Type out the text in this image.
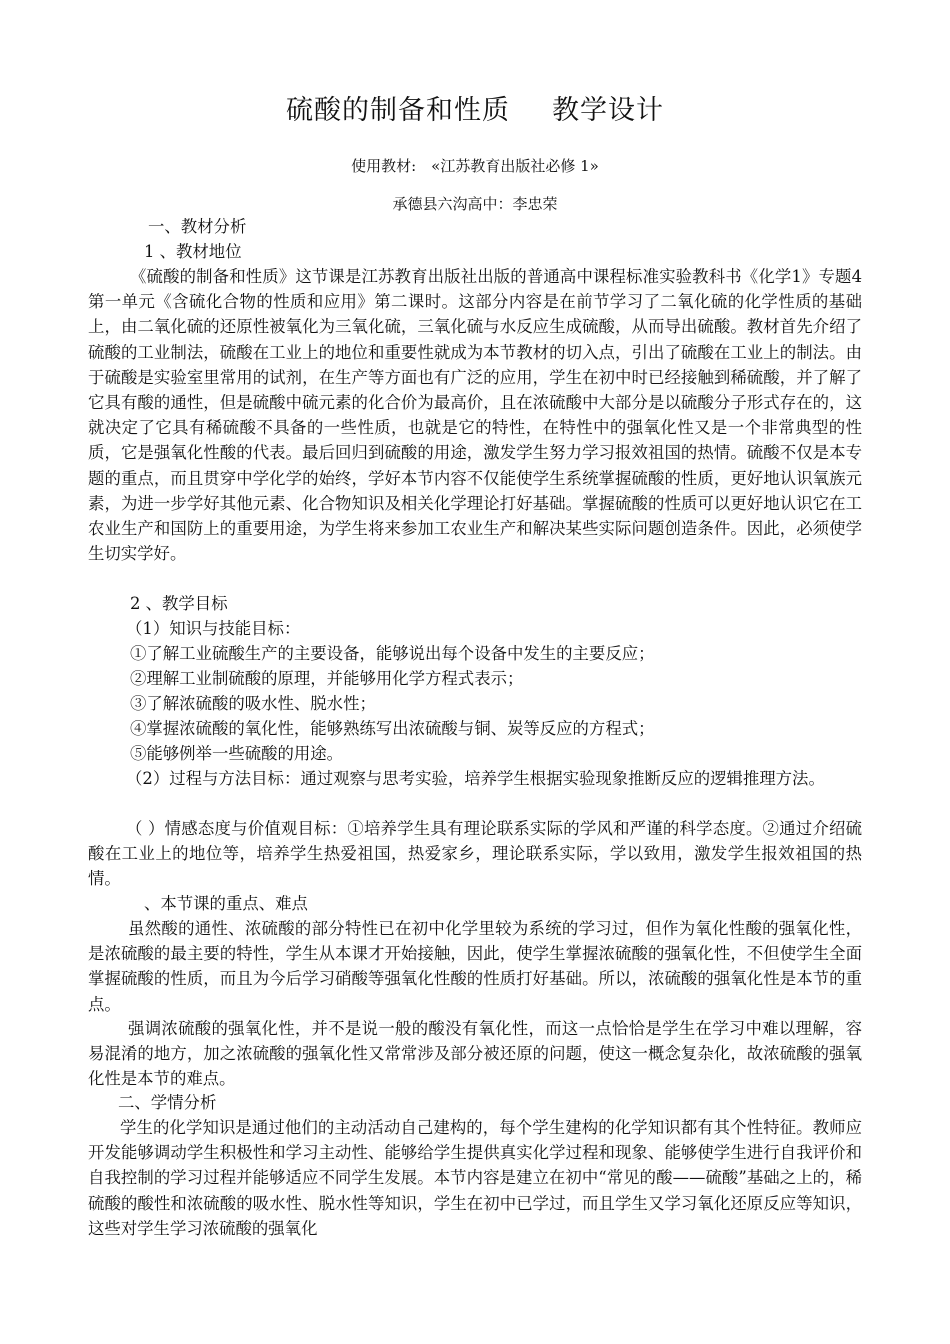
硫酸的制备和性质 教学设计
使用教材:　«江苏教育出版社必修 1»
承德县六沟高中：李忠荣
一、教材分析
1 、教材地位

《硫酸的制备和性质》这节课是江苏教育出版社出版的普通高中课程标准实验教科书《化学1》专题4第一单元《含硫化合物的性质和应用》第二课时。这部分内容是在前节学习了二氧化硫的化学性质的基础上，由二氧化硫的还原性被氧化为三氧化硫，三氧化硫与水反应生成硫酸，从而导出硫酸。教材首先介绍了硫酸的工业制法，硫酸在工业上的地位和重要性就成为本节教材的切入点，引出了硫酸在工业上的制法。由于硫酸是实验室里常用的试剂，在生产等方面也有广泛的应用，学生在初中时已经接触到稀硫酸，并了解了它具有酸的通性，但是硫酸中硫元素的化合价为最高价，且在浓硫酸中大部分是以硫酸分子形式存在的，这就决定了它具有稀硫酸不具备的一些性质，也就是它的特性，在特性中的强氧化性又是一个非常典型的性质，它是强氧化性酸的代表。最后回归到硫酸的用途，激发学生努力学习报效祖国的热情。硫酸不仅是本专题的重点，而且贯穿中学化学的始终，学好本节内容不仅能使学生系统掌握硫酸的性质，更好地认识氧族元素，为进一步学好其他元素、化合物知识及相关化学理论打好基础。掌握硫酸的性质可以更好地认识它在工农业生产和国防上的重要用途，为学生将来参加工农业生产和解决某些实际问题创造条件。因此，必须使学生切实学好。

2 、教学目标
（1）知识与技能目标：
①了解工业硫酸生产的主要设备，能够说出每个设备中发生的主要反应；
②理解工业制硫酸的原理，并能够用化学方程式表示；
③了解浓硫酸的吸水性、脱水性；
④掌握浓硫酸的氧化性，能够熟练写出浓硫酸与铜、炭等反应的方程式；
⑤能够例举一些硫酸的用途。

（2）过程与方法目标：通过观察与思考实验，培养学生根据实验现象推断反应的逻辑推理方法。

（ ）情感态度与价值观目标：①培养学生具有理论联系实际的学风和严谨的科学态度。②通过介绍硫酸在工业上的地位等，培养学生热爱祖国，热爱家乡，理论联系实际，学以致用，激发学生报效祖国的热情。

、本节课的重点、难点

虽然酸的通性、浓硫酸的部分特性已在初中化学里较为系统的学习过，但作为氧化性酸的强氧化性，是浓硫酸的最主要的特性，学生从本课才开始接触，因此，使学生掌握浓硫酸的强氧化性，不但使学生全面掌握硫酸的性质，而且为今后学习硝酸等强氧化性酸的性质打好基础。所以，浓硫酸的强氧化性是本节的重点。

强调浓硫酸的强氧化性，并不是说一般的酸没有氧化性，而这一点恰恰是学生在学习中难以理解，容易混淆的地方，加之浓硫酸的强氧化性又常常涉及部分被还原的问题，使这一概念复杂化，故浓硫酸的强氧化性是本节的难点。

二、学情分析

学生的化学知识是通过他们的主动活动自己建构的，每个学生建构的化学知识都有其个性特征。教师应开发能够调动学生积极性和学习主动性、能够给学生提供真实化学过程和现象、能够使学生进行自我评价和自我控制的学习过程并能够适应不同学生发展。本节内容是建立在初中“常见的酸——硫酸”基础之上的，稀硫酸的酸性和浓硫酸的吸水性、脱水性等知识，学生在初中已学过，而且学生又学习氧化还原反应等知识，这些对学生学习浓硫酸的强氧化
